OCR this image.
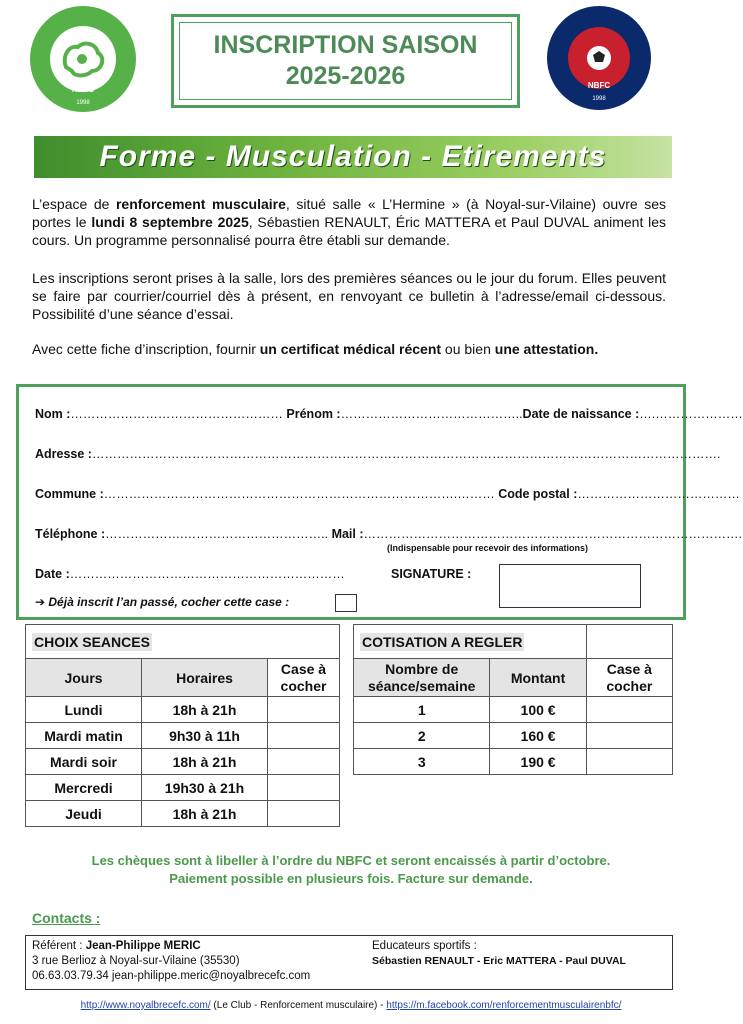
NBFC
1998
INSCRIPTION SAISON
2025-2026	NBFC
1998
Forme - Musculation - Etirements
L’espace de renforcement musculaire, situé salle « L’Hermine » (à Noyal-sur-Vilaine) ouvre ses portes le lundi 8 septembre 2025, Sébastien RENAULT, Éric MATTERA et Paul DUVAL animent les cours. Un programme personnalisé pourra être établi sur demande.
Les inscriptions seront prises à la salle, lors des premières séances ou le jour du forum. Elles peuvent se faire par courrier/courriel dès à présent, en renvoyant ce bulletin à l’adresse/email ci-dessous. Possibilité d’une séance d’essai.
Avec cette fiche d’inscription, fournir un certificat médical récent ou bien une attestation.
Nom :…………………………………………… Prénom :……………………………………..Date de naissance :….…………………
Adresse :…………………………………………………………………………………………………………………………………….
Commune :………………………………………………………………………….……… Code postal :…………………………………
Téléphone :……………….…………………………….. Mail :……………………………………………………………………………….
(Indispensable pour recevoir des informations)
Date :…………………………………………………………	SIGNATURE :
➔ Déjà inscrit l’an passé, cocher cette case :
CHOIX SEANCES		
Jours	Horaires	Case à cocher
Lundi	18h à 21h	
Mardi matin	9h30 à 11h	
Mardi soir	18h à 21h	
Mercredi	19h30 à 21h	
Jeudi	18h à 21h	
COTISATION A REGLER		
Nombre de séance/semaine	Montant	Case à cocher
1	100 €	
2	160 €	
3	190 €	
Les chèques sont à libeller à l’ordre du NBFC et seront encaissés à partir d’octobre.
Paiement possible en plusieurs fois. Facture sur demande.
Contacts :
Référent : Jean-Philippe MERIC
3 rue Berlioz à Noyal-sur-Vilaine (35530)
06.63.03.79.34 jean-philippe.meric@noyalbrecefc.com
Educateurs sportifs :
Sébastien RENAULT - Eric MATTERA - Paul DUVAL
http://www.noyalbrecefc.com/ (Le Club - Renforcement musculaire) - https://m.facebook.com/renforcementmusculairenbfc/
